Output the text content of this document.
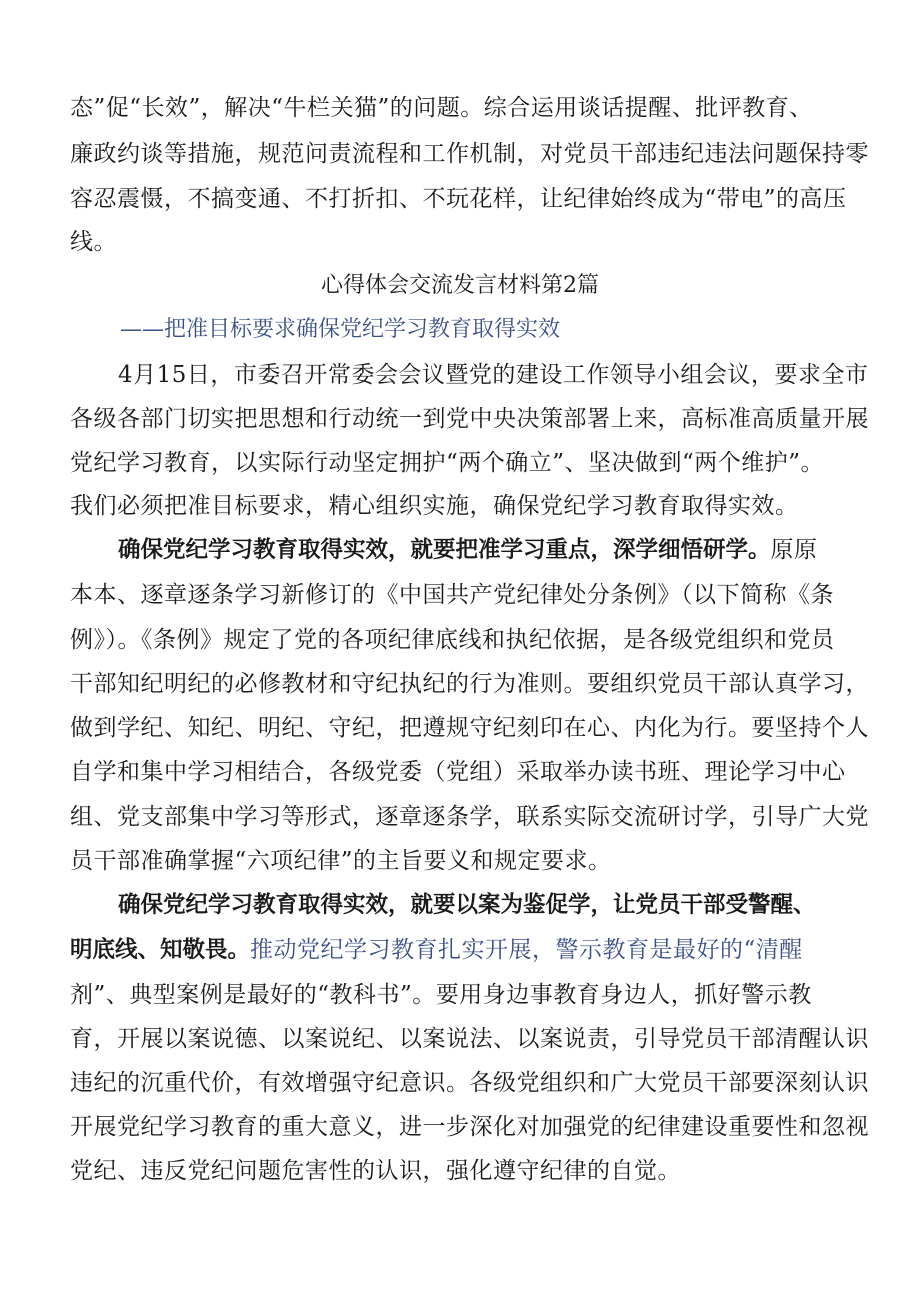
态”促“长效”，解决“牛栏关猫”的问题。综合运用谈话提醒、批评教育、
廉政约谈等措施，规范问责流程和工作机制，对党员干部违纪违法问题保持零
容忍震慑，不搞变通、不打折扣、不玩花样，让纪律始终成为“带电”的高压
线。
心得体会交流发言材料第2篇
——把准目标要求确保党纪学习教育取得实效
4月15日，市委召开常委会会议暨党的建设工作领导小组会议，要求全市
各级各部门切实把思想和行动统一到党中央决策部署上来，高标准高质量开展
党纪学习教育，以实际行动坚定拥护“两个确立”、坚决做到“两个维护”。
我们必须把准目标要求，精心组织实施，确保党纪学习教育取得实效。
确保党纪学习教育取得实效，就要把准学习重点，深学细悟研学。原原
本本、逐章逐条学习新修订的《中国共产党纪律处分条例》（以下简称《条
例》）。《条例》规定了党的各项纪律底线和执纪依据，是各级党组织和党员
干部知纪明纪的必修教材和守纪执纪的行为准则。要组织党员干部认真学习，
做到学纪、知纪、明纪、守纪，把遵规守纪刻印在心、内化为行。要坚持个人
自学和集中学习相结合，各级党委（党组）采取举办读书班、理论学习中心
组、党支部集中学习等形式，逐章逐条学，联系实际交流研讨学，引导广大党
员干部准确掌握“六项纪律”的主旨要义和规定要求。
确保党纪学习教育取得实效，就要以案为鉴促学，让党员干部受警醒、
明底线、知敬畏。推动党纪学习教育扎实开展，警示教育是最好的“清醒
剂”、典型案例是最好的“教科书”。要用身边事教育身边人，抓好警示教
育，开展以案说德、以案说纪、以案说法、以案说责，引导党员干部清醒认识
违纪的沉重代价，有效增强守纪意识。各级党组织和广大党员干部要深刻认识
开展党纪学习教育的重大意义，进一步深化对加强党的纪律建设重要性和忽视
党纪、违反党纪问题危害性的认识，强化遵守纪律的自觉。
